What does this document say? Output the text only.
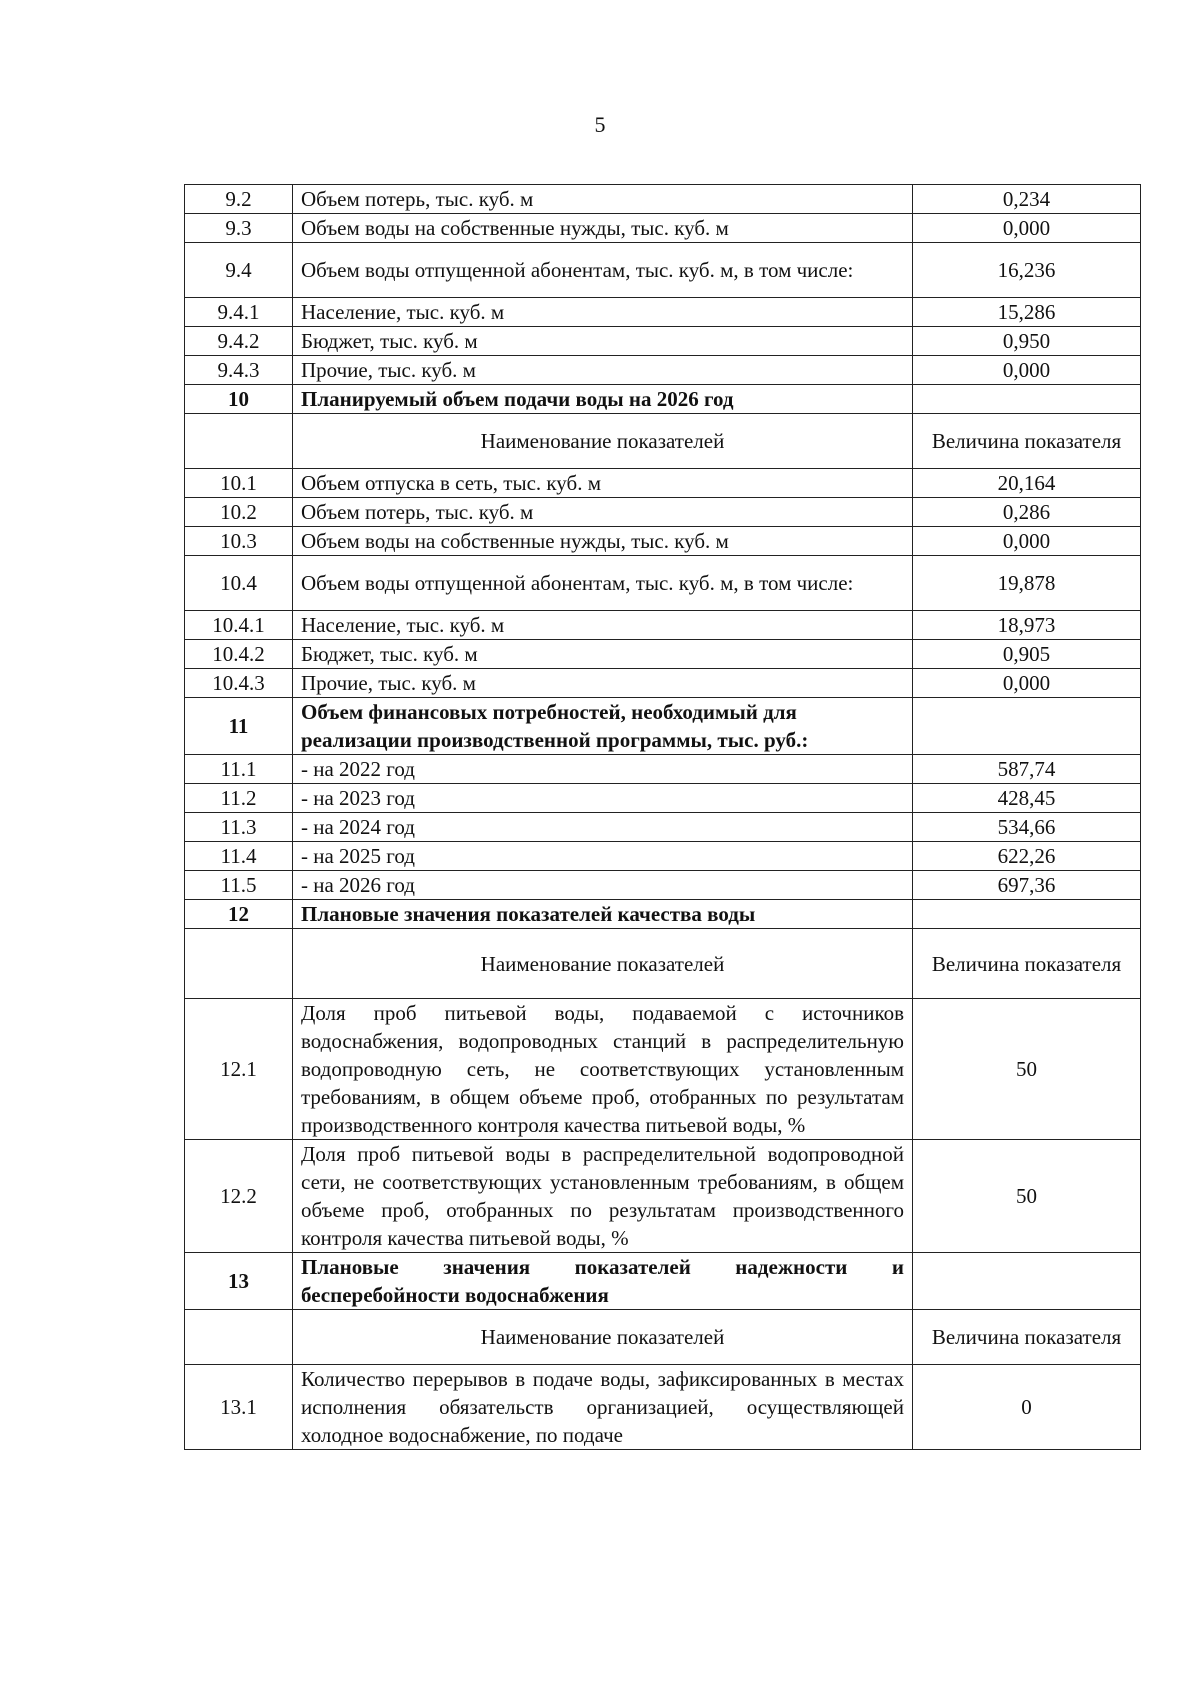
5
9.2	Объем потерь, тыс. куб. м	0,234
9.3	Объем воды на собственные нужды, тыс. куб. м	0,000
9.4	Объем воды отпущенной абонентам, тыс. куб. м, в том числе:	16,236
9.4.1	Население, тыс. куб. м	15,286
9.4.2	Бюджет, тыс. куб. м	0,950
9.4.3	Прочие, тыс. куб. м	0,000
10	Планируемый объем подачи воды на 2026 год	
	Наименование показателей	Величина показателя
10.1	Объем отпуска в сеть, тыс. куб. м	20,164
10.2	Объем потерь, тыс. куб. м	0,286
10.3	Объем воды на собственные нужды, тыс. куб. м	0,000
10.4	Объем воды отпущенной абонентам, тыс. куб. м, в том числе:	19,878
10.4.1	Население, тыс. куб. м	18,973
10.4.2	Бюджет, тыс. куб. м	0,905
10.4.3	Прочие, тыс. куб. м	0,000
11	Объем финансовых потребностей, необходимый для реализации производственной программы, тыс. руб.:	
11.1	- на 2022 год	587,74
11.2	- на 2023 год	428,45
11.3	- на 2024 год	534,66
11.4	- на 2025 год	622,26
11.5	- на 2026 год	697,36
12	Плановые значения показателей качества воды	
	Наименование показателей	Величина показателя
12.1	Доля проб питьевой воды, подаваемой с источников водоснабжения, водопроводных станций в распределительную водопроводную сеть, не соответствующих установленным требованиям, в общем объеме проб, отобранных по результатам производственного контроля качества питьевой воды, %	50
12.2	Доля проб питьевой воды в распределительной водопроводной сети, не соответствующих установленным требованиям, в общем объеме проб, отобранных по результатам производственного контроля качества питьевой воды, %	50
13	Плановые значения показателей надежности и бесперебойности водоснабжения	
	Наименование показателей	Величина показателя
13.1	Количество перерывов в подаче воды, зафиксированных в местах исполнения обязательств организацией, осуществляющей холодное водоснабжение, по подаче	0
